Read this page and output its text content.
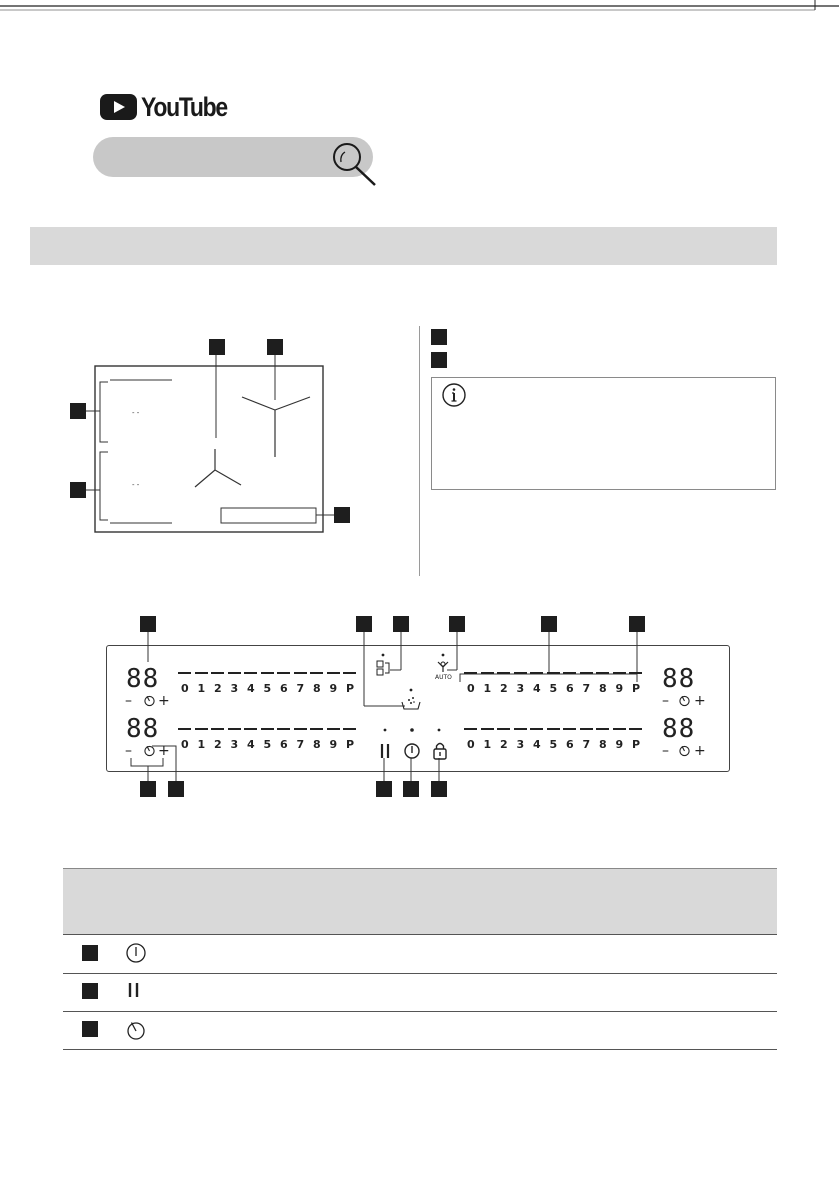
YouTube
- -
- -
88
88
88
88
– +
– +
– +
– +
0 1 2 3 4 5 6 7 8 9 P
0 1 2 3 4 5 6 7 8 9 P
0 1 2 3 4 5 6 7 8 9 P
0 1 2 3 4 5 6 7 8 9 P
AUTO
